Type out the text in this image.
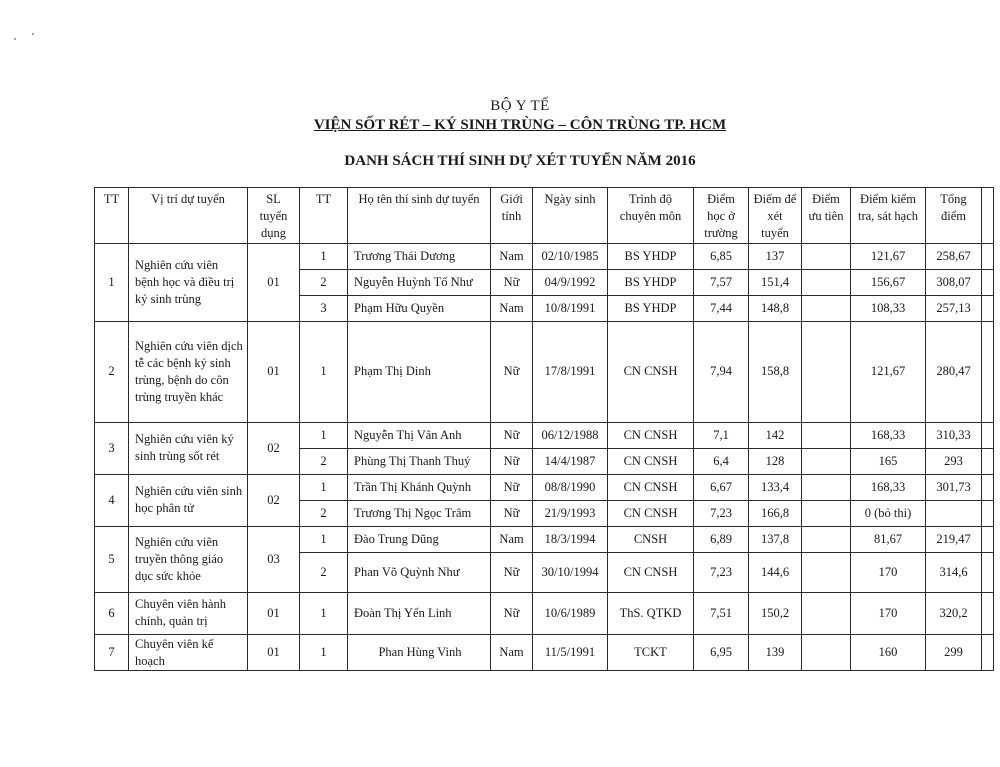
BỘ Y TẾ
VIỆN SỐT RÉT – KÝ SINH TRÙNG – CÔN TRÙNG TP. HCM
DANH SÁCH THÍ SINH DỰ XÉT TUYỂN NĂM 2016
TT	Vị trí dự tuyển	SL tuyển dụng	TT	Họ tên thí sinh dự tuyển	Giới tính	Ngày sinh	Trình độ chuyên môn	Điểm học ở trường	Điểm để xét tuyển	Điểm ưu tiên	Điểm kiểm tra, sát hạch	Tổng điểm	
1	Nghiên cứu viên bệnh học và điều trị ký sinh trùng	01	1	Trương Thái Dương	Nam	02/10/1985	BS YHDP	6,85	137		121,67	258,67	
			2	Nguyễn Huỳnh Tố Như	Nữ	04/9/1992	BS YHDP	7,57	151,4		156,67	308,07	
			3	Phạm Hữu Quyền	Nam	10/8/1991	BS YHDP	7,44	148,8		108,33	257,13	
2	Nghiên cứu viên dịch tễ các bệnh ký sinh trùng, bệnh do côn trùng truyền khác	01	1	Phạm Thị Dinh	Nữ	17/8/1991	CN CNSH	7,94	158,8		121,67	280,47	
3	Nghiên cứu viên ký sinh trùng sốt rét	02	1	Nguyễn Thị Vân Anh	Nữ	06/12/1988	CN CNSH	7,1	142		168,33	310,33	
			2	Phùng Thị Thanh Thuý	Nữ	14/4/1987	CN CNSH	6,4	128		165	293	
4	Nghiên cứu viên sinh học phân tử	02	1	Trần Thị Khánh Quỳnh	Nữ	08/8/1990	CN CNSH	6,67	133,4		168,33	301,73	
			2	Trương Thị Ngọc Trâm	Nữ	21/9/1993	CN CNSH	7,23	166,8		0 (bỏ thi)		
5	Nghiên cứu viên truyền thông giáo dục sức khỏe	03	1	Đào Trung Dũng	Nam	18/3/1994	CNSH	6,89	137,8		81,67	219,47	
			2	Phan Võ Quỳnh Như	Nữ	30/10/1994	CN CNSH	7,23	144,6		170	314,6	
6	Chuyên viên hành chính, quản trị	01	1	Đoàn Thị Yến Linh	Nữ	10/6/1989	ThS. QTKD	7,51	150,2		170	320,2	
7	Chuyên viên kế hoạch	01	1	Phan Hùng Vinh	Nam	11/5/1991	TCKT	6,95	139		160	299	
